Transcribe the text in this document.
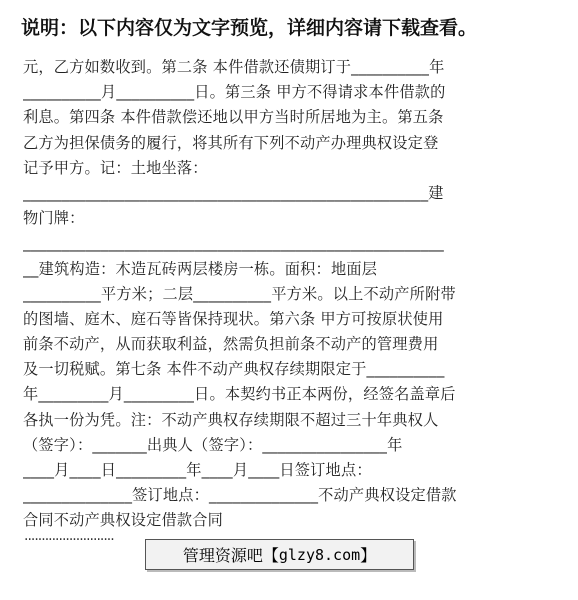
说明：以下内容仅为文字预览，详细内容请下载查看。
元，乙方如数收到。第二条 本件借款还债期订于__________年
__________月__________日。第三条 甲方不得请求本件借款的
利息。第四条 本件借款偿还地以甲方当时所居地为主。第五条
乙方为担保债务的履行，将其所有下列不动产办理典权设定登
记予甲方。记：土地坐落：
____________________________________________________建
物门牌：
______________________________________________________
__建筑构造：木造瓦砖两层楼房一栋。面积：地面层
__________平方米；二层__________平方米。以上不动产所附带
的图墙、庭木、庭石等皆保持现状。第六条 甲方可按原状使用
前条不动产，从而获取利益，然需负担前条不动产的管理费用
及一切税赋。第七条 本件不动产典权存续期限定于__________
年_________月_________日。本契约书正本两份，经签名盖章后
各执一份为凭。注：不动产典权存续期限不超过三十年典权人
（签字）：_______出典人（签字）：________________年
____月____日_________年____月____日签订地点：
______________签订地点：______________不动产典权设定借款
合同不动产典权设定借款合同
··························
管理资源吧【 glzy8.com 】
